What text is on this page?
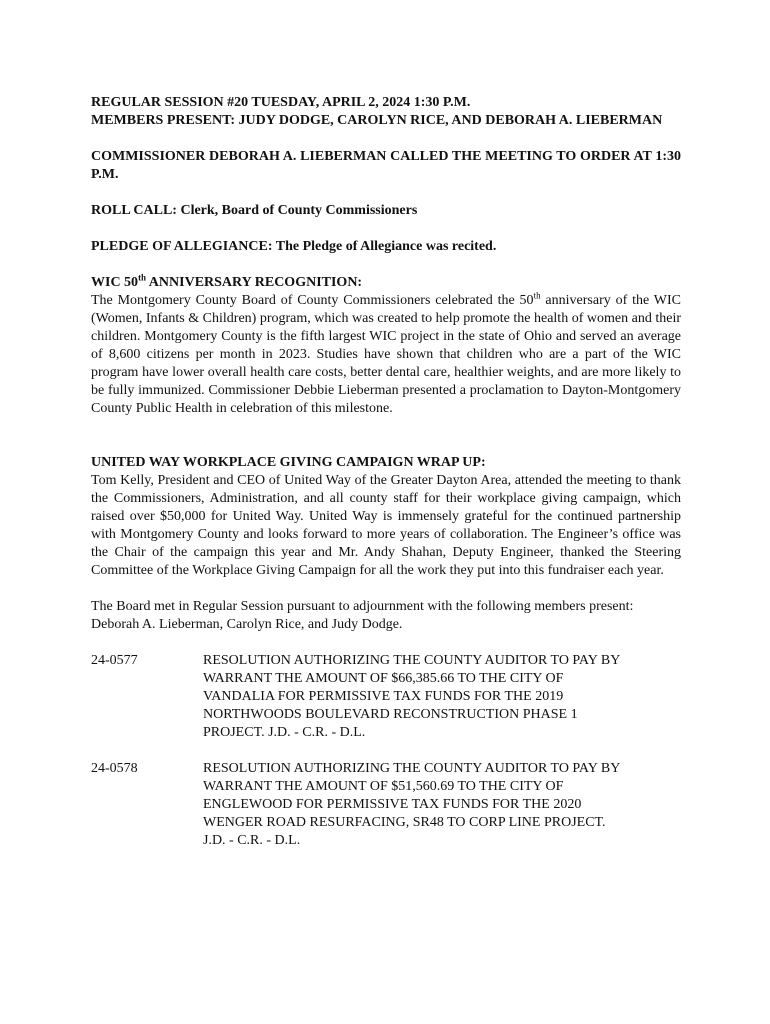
REGULAR SESSION #20 TUESDAY, APRIL 2, 2024 1:30 P.M.

MEMBERS PRESENT: JUDY DODGE, CAROLYN RICE, AND DEBORAH A. LIEBERMAN

COMMISSIONER DEBORAH A. LIEBERMAN CALLED THE MEETING TO ORDER AT 1:30 P.M.

ROLL CALL: Clerk, Board of County Commissioners

PLEDGE OF ALLEGIANCE: The Pledge of Allegiance was recited.

WIC 50th ANNIVERSARY RECOGNITION:

The Montgomery County Board of County Commissioners celebrated the 50th anniversary of the WIC (Women, Infants & Children) program, which was created to help promote the health of women and their children. Montgomery County is the fifth largest WIC project in the state of Ohio and served an average of 8,600 citizens per month in 2023. Studies have shown that children who are a part of the WIC program have lower overall health care costs, better dental care, healthier weights, and are more likely to be fully immunized. Commissioner Debbie Lieberman presented a proclamation to Dayton-Montgomery County Public Health in celebration of this milestone.

UNITED WAY WORKPLACE GIVING CAMPAIGN WRAP UP:

Tom Kelly, President and CEO of United Way of the Greater Dayton Area, attended the meeting to thank the Commissioners, Administration, and all county staff for their workplace giving campaign, which raised over $50,000 for United Way. United Way is immensely grateful for the continued partnership with Montgomery County and looks forward to more years of collaboration. The Engineer’s office was the Chair of the campaign this year and Mr. Andy Shahan, Deputy Engineer, thanked the Steering Committee of the Workplace Giving Campaign for all the work they put into this fundraiser each year.

The Board met in Regular Session pursuant to adjournment with the following members present: Deborah A. Lieberman, Carolyn Rice, and Judy Dodge.

24-0577	RESOLUTION AUTHORIZING THE COUNTY AUDITOR TO PAY BY
WARRANT THE AMOUNT OF $66,385.66 TO THE CITY OF
VANDALIA FOR PERMISSIVE TAX FUNDS FOR THE 2019
NORTHWOODS BOULEVARD RECONSTRUCTION PHASE 1
PROJECT. J.D. - C.R. - D.L.
24-0578	RESOLUTION AUTHORIZING THE COUNTY AUDITOR TO PAY BY
WARRANT THE AMOUNT OF $51,560.69 TO THE CITY OF
ENGLEWOOD FOR PERMISSIVE TAX FUNDS FOR THE 2020
WENGER ROAD RESURFACING, SR48 TO CORP LINE PROJECT.
J.D. - C.R. - D.L.
